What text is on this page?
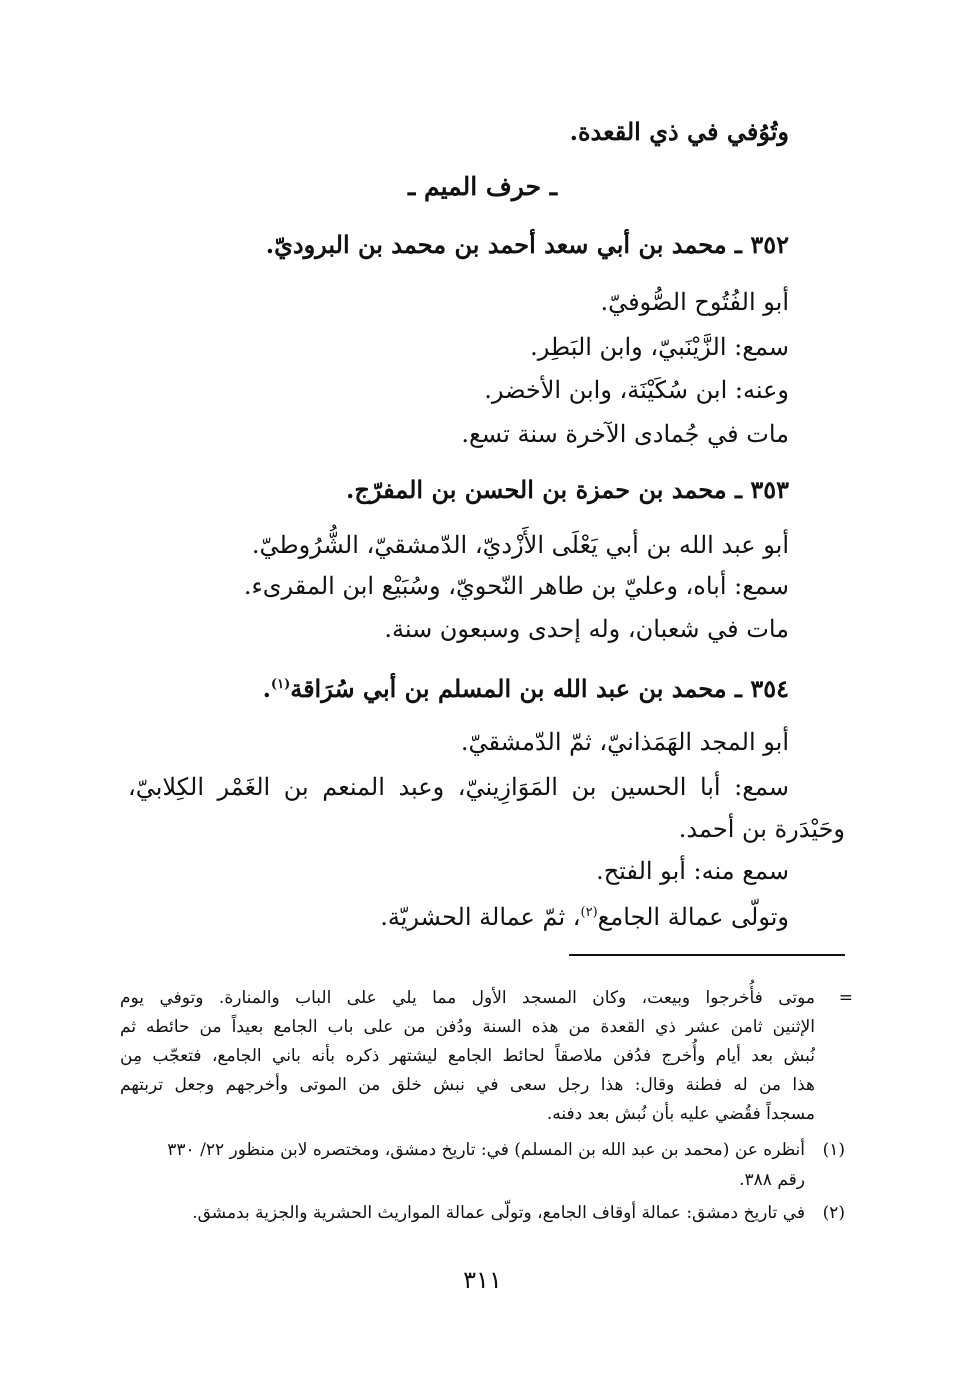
وتُوُفي في ذي القعدة.
ـ حرف الميم ـ
٣٥٢ ـ محمد بن أبي سعد أحمد بن محمد بن البروديّ.
أبو الفُتُوح الصُّوفيّ.
سمع: الزَّيْنَبيّ، وابن البَطِر.
وعنه: ابن سُكَيْنَة، وابن الأخضر.
مات في جُمادى الآخرة سنة تسع.
٣٥٣ ـ محمد بن حمزة بن الحسن بن المفرّج.
أبو عبد الله بن أبي يَعْلَى الأَزْديّ، الدّمشقيّ، الشُّرُوطيّ.
سمع: أباه، وعليّ بن طاهر النّحويّ، وسُبَيْع ابن المقرىء.
مات في شعبان، وله إحدى وسبعون سنة.
٣٥٤ ـ محمد بن عبد الله بن المسلم بن أبي سُرَاقة$^{(١)}$.
أبو المجد الهَمَذانيّ، ثمّ الدّمشقيّ.
سمع: أبا الحسين بن المَوَازِينيّ، وعبد المنعم بن الغَمْر الكِلابيّ،
وحَيْدَرة بن أحمد.
سمع منه: أبو الفتح.
وتولّى عمالة الجامع$^{(٢)}$، ثمّ عمالة الحشريّة.
=
موتى فأُخرجوا وبيعت، وكان المسجد الأول مما يلي على الباب والمنارة. وتوفي يوم
الإثنين ثامن عشر ذي القعدة من هذه السنة ودُفن من على باب الجامع بعيداً من حائطه ثم
نُبش بعد أيام وأُخرج فدُفن ملاصقاً لحائط الجامع ليشتهر ذكره بأنه باني الجامع، فتعجّب مِن
هذا من له فطنة وقال: هذا رجل سعى في نبش خلق من الموتى وأخرجهم وجعل تربتهم
مسجداً فقُضي عليه بأن نُبش بعد دفنه.
(١)
أنظره عن (محمد بن عبد الله بن المسلم) في: تاريخ دمشق، ومختصره لابن منظور ٢٢/ ٣٣٠
رقم ٣٨٨.
(٢)
في تاريخ دمشق: عمالة أوقاف الجامع، وتولّى عمالة المواريث الحشرية والجزية بدمشق.
٣١١
